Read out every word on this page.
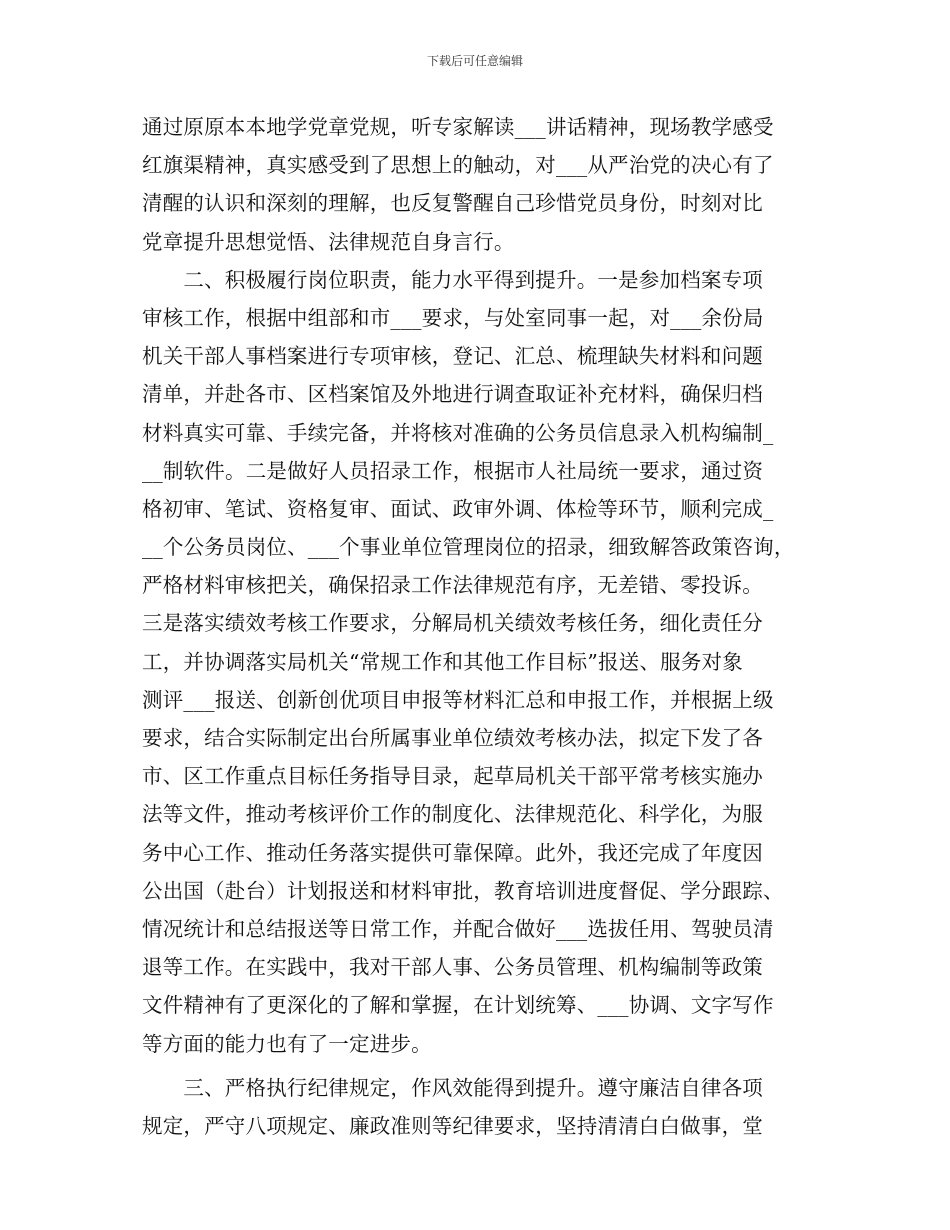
下载后可任意编辑
通过原原本本地学党章党规，听专家解读___讲话精神，现场教学感受
红旗渠精神，真实感受到了思想上的触动，对___从严治党的决心有了
清醒的认识和深刻的理解，也反复警醒自己珍惜党员身份，时刻对比
党章提升思想觉悟、法律规范自身言行。
　　二、积极履行岗位职责，能力水平得到提升。一是参加档案专项
审核工作，根据中组部和市___要求，与处室同事一起，对___余份局
机关干部人事档案进行专项审核，登记、汇总、梳理缺失材料和问题
清单，并赴各市、区档案馆及外地进行调查取证补充材料，确保归档
材料真实可靠、手续完备，并将核对准确的公务员信息录入机构编制_
__制软件。二是做好人员招录工作，根据市人社局统一要求，通过资
格初审、笔试、资格复审、面试、政审外调、体检等环节，顺利完成_
__个公务员岗位、___个事业单位管理岗位的招录，细致解答政策咨询，
严格材料审核把关，确保招录工作法律规范有序，无差错、零投诉。
三是落实绩效考核工作要求，分解局机关绩效考核任务，细化责任分
工，并协调落实局机关“常规工作和其他工作目标”报送、服务对象
测评___报送、创新创优项目申报等材料汇总和申报工作，并根据上级
要求，结合实际制定出台所属事业单位绩效考核办法，拟定下发了各
市、区工作重点目标任务指导目录，起草局机关干部平常考核实施办
法等文件，推动考核评价工作的制度化、法律规范化、科学化，为服
务中心工作、推动任务落实提供可靠保障。此外，我还完成了年度因
公出国（赴台）计划报送和材料审批，教育培训进度督促、学分跟踪、
情况统计和总结报送等日常工作，并配合做好___选拔任用、驾驶员清
退等工作。在实践中，我对干部人事、公务员管理、机构编制等政策
文件精神有了更深化的了解和掌握，在计划统筹、___协调、文字写作
等方面的能力也有了一定进步。
　　三、严格执行纪律规定，作风效能得到提升。遵守廉洁自律各项
规定，严守八项规定、廉政准则等纪律要求，坚持清清白白做事，堂
